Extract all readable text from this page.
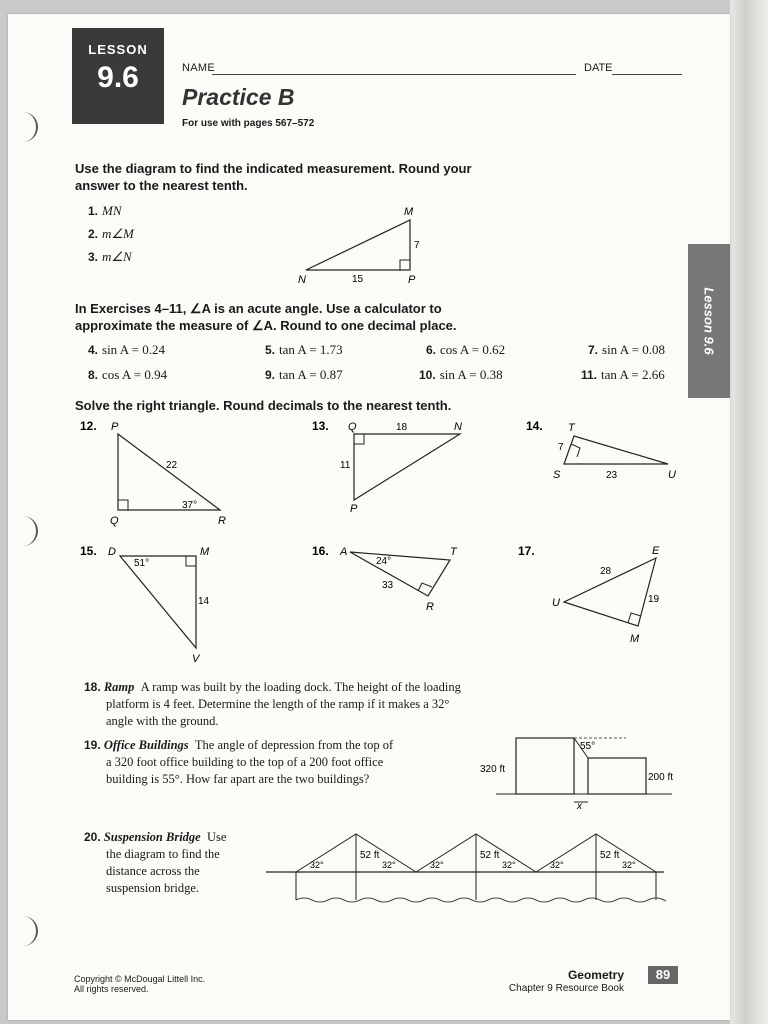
LESSON
9.6	NAME	DATE
Practice B
For use with pages 567–572
Lesson 9.6
Use the diagram to find the indicated measurement. Round your
answer to the nearest tenth.
1. MN
2. m∠M
3. m∠N
M
N	P
7
15
In Exercises 4–11, ∠A is an acute angle. Use a calculator to
approximate the measure of ∠A. Round to one decimal place.
4. sin A = 0.24	5. tan A = 1.73	6. cos A = 0.62	7. sin A = 0.08
8. cos A = 0.94	9. tan A = 0.87	10. sin A = 0.38	11. tan A = 2.66
Solve the right triangle. Round decimals to the nearest tenth.
12. P
Q	R
22
37°
13. Q	N
P
18
11
14. T
S	U
7
23
15. D	M
V
51°
14
16. A	T
R
24°
33
17.	E
U
M
28
19
18. Ramp A ramp was built by the loading dock. The height of the loading
platform is 4 feet. Determine the length of the ramp if it makes a 32°
angle with the ground.
19. Office Buildings The angle of depression from the top of
a 320 foot office building to the top of a 200 foot office
building is 55°. How far apart are the two buildings?
320 ft
200 ft
55°
x
20. Suspension Bridge Use
the diagram to find the
distance across the
suspension bridge.
32°	32°	32°	32°	32°	32°
52 ft	52 ft	52 ft
Copyright © McDougal Littell Inc.
All rights reserved.
Geometry
Chapter 9 Resource Book
89
